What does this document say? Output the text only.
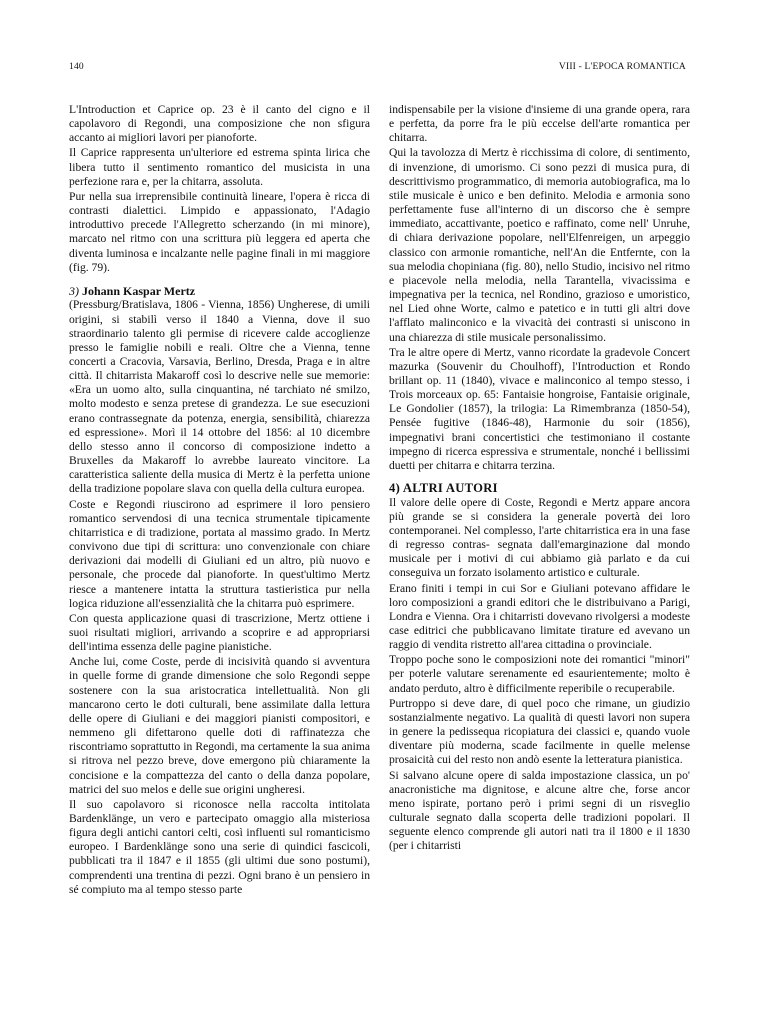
140	VIII - L'EPOCA ROMANTICA

L'Introduction et Caprice op. 23 è il canto del cigno e il capolavoro di Regondi, una composizione che non sfigura accanto ai migliori lavori per pianoforte.

Il Caprice rappresenta un'ulteriore ed estrema spinta lirica che libera tutto il sentimento romantico del musicista in una perfezione rara e, per la chitarra, assoluta.

Pur nella sua irreprensibile continuità lineare, l'opera è ricca di contrasti dialettici. Limpido e appassionato, l'Adagio introduttivo precede l'Allegretto scherzando (in mi minore), marcato nel ritmo con una scrittura più leggera ed aperta che diventa luminosa e incalzante nelle pagine finali in mi maggiore (fig. 79).

3) Johann Kaspar Mertz

(Pressburg/Bratislava, 1806 - Vienna, 1856) Ungherese, di umili origini, si stabilì verso il 1840 a Vienna, dove il suo straordinario talento gli permise di ricevere calde accoglienze presso le famiglie nobili e reali. Oltre che a Vienna, tenne concerti a Cracovia, Varsavia, Berlino, Dresda, Praga e in altre città. Il chitarrista Makaroff così lo descrive nelle sue memorie: «Era un uomo alto, sulla cinquantina, né tarchiato né smilzo, molto modesto e senza pretese di grandezza. Le sue esecuzioni erano contrassegnate da potenza, energia, sensibilità, chiarezza ed espressione». Morì il 14 ottobre del 1856: al 10 dicembre dello stesso anno il concorso di composizione indetto a Bruxelles da Makaroff lo avrebbe laureato vincitore. La caratteristica saliente della musica di Mertz è la perfetta unione della tradizione popolare slava con quella della cultura europea.

Coste e Regondi riuscirono ad esprimere il loro pensiero romantico servendosi di una tecnica strumentale tipicamente chitarristica e di tradizione, portata al massimo grado. In Mertz convivono due tipi di scrittura: uno convenzionale con chiare derivazioni dai modelli di Giuliani ed un altro, più nuovo e personale, che procede dal pianoforte. In quest'ultimo Mertz riesce a mantenere intatta la struttura tastieristica pur nella logica riduzione all'essenzialità che la chitarra può esprimere.

Con questa applicazione quasi di trascrizione, Mertz ottiene i suoi risultati migliori, arrivando a scoprire e ad appropriarsi dell'intima essenza delle pagine pianistiche.

Anche lui, come Coste, perde di incisività quando si avventura in quelle forme di grande dimensione che solo Regondi seppe sostenere con la sua aristocratica intellettualità. Non gli mancarono certo le doti culturali, bene assimilate dalla lettura delle opere di Giuliani e dei maggiori pianisti compositori, e nemmeno gli difettarono quelle doti di raffinatezza che riscontriamo soprattutto in Regondi, ma certamente la sua anima si ritrova nel pezzo breve, dove emergono più chiaramente la concisione e la compattezza del canto o della danza popolare, matrici del suo melos e delle sue origini ungheresi.

Il suo capolavoro si riconosce nella raccolta intitolata Bardenklänge, un vero e partecipato omaggio alla misteriosa figura degli antichi cantori celti, così influenti sul romanticismo europeo. I Bardenklänge sono una serie di quindici fascicoli, pubblicati tra il 1847 e il 1855 (gli ultimi due sono postumi), comprendenti una trentina di pezzi. Ogni brano è un pensiero in sé compiuto ma al tempo stesso parte

indispensabile per la visione d'insieme di una grande opera, rara e perfetta, da porre fra le più eccelse dell'arte romantica per chitarra.

Qui la tavolozza di Mertz è ricchissima di colore, di sentimento, di invenzione, di umorismo. Ci sono pezzi di musica pura, di descrittivismo programmatico, di memoria autobiografica, ma lo stile musicale è unico e ben definito. Melodia e armonia sono perfettamente fuse all'interno di un discorso che è sempre immediato, accattivante, poetico e raffinato, come nell' Unruhe, di chiara derivazione popolare, nell'Elfenreigen, un arpeggio classico con armonie romantiche, nell'An die Entfernte, con la sua melodia chopiniana (fig. 80), nello Studio, incisivo nel ritmo e piacevole nella melodia, nella Tarantella, vivacissima e impegnativa per la tecnica, nel Rondino, grazioso e umoristico, nel Lied ohne Worte, calmo e patetico e in tutti gli altri dove l'afflato malinconico e la vivacità dei contrasti si uniscono in una chiarezza di stile musicale personalissimo.

Tra le altre opere di Mertz, vanno ricordate la gradevole Concert mazurka (Souvenir du Choulhoff), l'Introduction et Rondo brillant op. 11 (1840), vivace e malinconico al tempo stesso, i Trois morceaux op. 65: Fantaisie hongroise, Fantaisie originale, Le Gondolier (1857), la trilogia: La Rimembranza (1850-54), Pensée fugitive (1846-48), Harmonie du soir (1856), impegnativi brani concertistici che testimoniano il costante impegno di ricerca espressiva e strumentale, nonché i bellissimi duetti per chitarra e chitarra terzina.

4) ALTRI AUTORI

Il valore delle opere di Coste, Regondi e Mertz appare ancora più grande se si considera la generale povertà dei loro contemporanei. Nel complesso, l'arte chitarristica era in una fase di regresso contras- segnata dall'emarginazione dal mondo musicale per i motivi di cui abbiamo già parlato e da cui conseguiva un forzato isolamento artistico e culturale.

Erano finiti i tempi in cui Sor e Giuliani potevano affidare le loro composizioni a grandi editori che le distribuivano a Parigi, Londra e Vienna. Ora i chitarristi dovevano rivolgersi a modeste case editrici che pubblicavano limitate tirature ed avevano un raggio di vendita ristretto all'area cittadina o provinciale.

Troppo poche sono le composizioni note dei romantici "minori" per poterle valutare serenamente ed esaurientemente; molto è andato perduto, altro è difficilmente reperibile o recuperabile.

Purtroppo si deve dare, di quel poco che rimane, un giudizio sostanzialmente negativo. La qualità di questi lavori non supera in genere la pedissequa ricopiatura dei classici e, quando vuole diventare più moderna, scade facilmente in quelle melense prosaicità cui del resto non andò esente la letteratura pianistica.

Si salvano alcune opere di salda impostazione classica, un po' anacronistiche ma dignitose, e alcune altre che, forse ancor meno ispirate, portano però i primi segni di un risveglio culturale segnato dalla scoperta delle tradizioni popolari. Il seguente elenco comprende gli autori nati tra il 1800 e il 1830 (per i chitarristi
